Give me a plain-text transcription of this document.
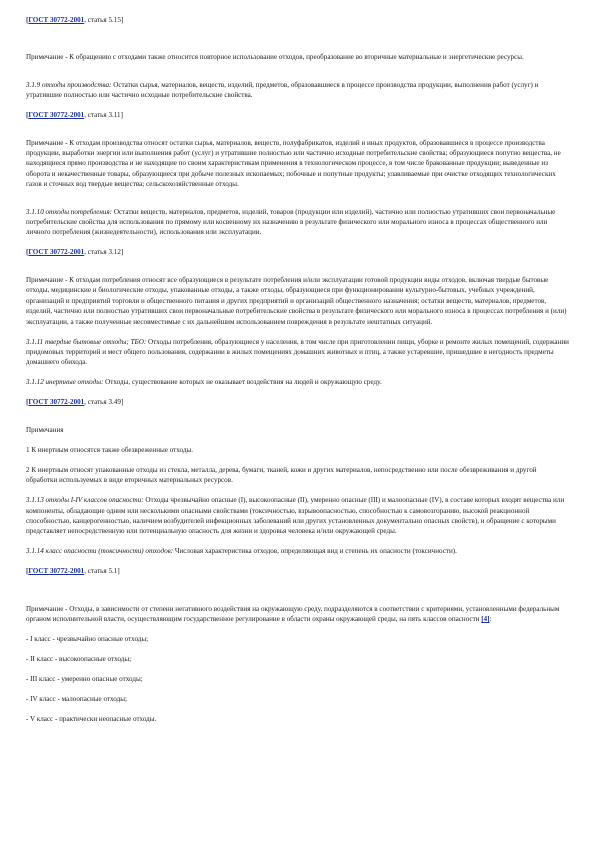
[ГОСТ 30772-2001, статья 5.15]

Примечание - К обращению с отходами также относится повторное использование отходов, преобразование во вторичные материальные и энергетические ресурсы.

3.1.9 отходы производства: Остатки сырья, материалов, веществ, изделий, предметов, образовавшиеся в процессе производства продукции, выполнения работ (услуг) и утратившие полностью или частично исходные потребительские свойства.

[ГОСТ 30772-2001, статья 3.11]

Примечание - К отходам производства относят остатки сырья, материалов, веществ, полуфабрикатов, изделий и иных продуктов, образовавшиеся в процессе производства продукции, выработки энергии или выполнения работ (услуг) и утратившие полностью или частично исходные потребительские свойства; образующиеся попутно вещества, не находящиеся прямо производства и не находящие по своим характеристикам применения в технологическом процессе, в том числе бракованные продукции; выведенные из оборота и некачественные товары, образующиеся при добыче полезных ископаемых; побочные и попутные продукты; улавливаемые при очистке отходящих технологических газов и сточных вод твердые вещества; сельскохозяйственные отходы.

3.1.10 отходы потребления: Остатки веществ, материалов, предметов, изделий, товаров (продукции или изделий), частично или полностью утративших свои первоначальные потребительские свойства для использования по прямому или косвенному их назначению в результате физического или морального износа в процессах общественного или личного потребления (жизнедеятельности), использования или эксплуатации.

[ГОСТ 30772-2001, статья 3.12]

Примечание - К отходам потребления относят все образующиеся в результате потребления и/или эксплуатации готовой продукции виды отходов, включая твердые бытовые отходы, медицинские и биологические отходы, упакованные отходы, а также отходы, образующиеся при функционировании культурно-бытовых, учебных учреждений, организаций и предприятий торговли и общественного питания и других предприятий и организаций общественного назначения; остатки веществ, материалов, предметов, изделий, частично или полностью утративших свои первоначальные потребительские свойства в результате физического или морального износа в процессах потребления и (или) эксплуатации, а также полученные несовместимые с их дальнейшим использованием повреждения в результате нештатных ситуаций.

3.1.11 твердые бытовые отходы; ТБО: Отходы потребления, образующиеся у населения, в том числе при приготовлении пищи, уборке и ремонте жилых помещений, содержании придомовых территорий и мест общего пользования, содержании в жилых помещениях домашних животных и птиц, а также устаревшие, пришедшие в негодность предметы домашнего обихода.

3.1.12 инертные отходы: Отходы, существование которых не оказывает воздействия на людей и окружающую среду.

[ГОСТ 30772-2001, статья 3.49]

Примечания

1 К инертным относятся также обезвреженные отходы.

2 К инертным относят упакованные отходы из стекла, металла, дерева, бумаги, тканей, кожи и других материалов, непосредственно или после обезвреживания и другой обработки используемых в виде вторичных материальных ресурсов.

3.1.13 отходы I-IV классов опасности: Отходы чрезвычайно опасные (I), высокоопасные (II), умеренно опасные (III) и малоопасные (IV), в составе которых входят вещества или компоненты, обладающие одним или несколькими опасными свойствами (токсичностью, взрывоопасностью, способностью к самовозгоранию, высокой реакционной способностью, канцерогенностью, наличием возбудителей инфекционных заболеваний или других установленных документально опасных свойств), и обращение с которыми представляет непосредственную или потенциальную опасность для жизни и здоровья человека и/или окружающей среды.

3.1.14 класс опасности (токсичности) отходов: Числовая характеристика отходов, определяющая вид и степень их опасности (токсичности).

[ГОСТ 30772-2001, статья 5.1]

Примечание - Отходы, в зависимости от степени негативного воздействия на окружающую среду, подразделяются в соответствии с критериями, установленными федеральным органом исполнительной власти, осуществляющим государственное регулирование в области охраны окружающей среды, на пять классов опасности [4]:

- I класс - чрезвычайно опасные отходы;

- II класс - высокоопасные отходы;

- III класс - умеренно опасные отходы;

- IV класс - малоопасные отходы;

- V класс - практически неопасные отходы.
